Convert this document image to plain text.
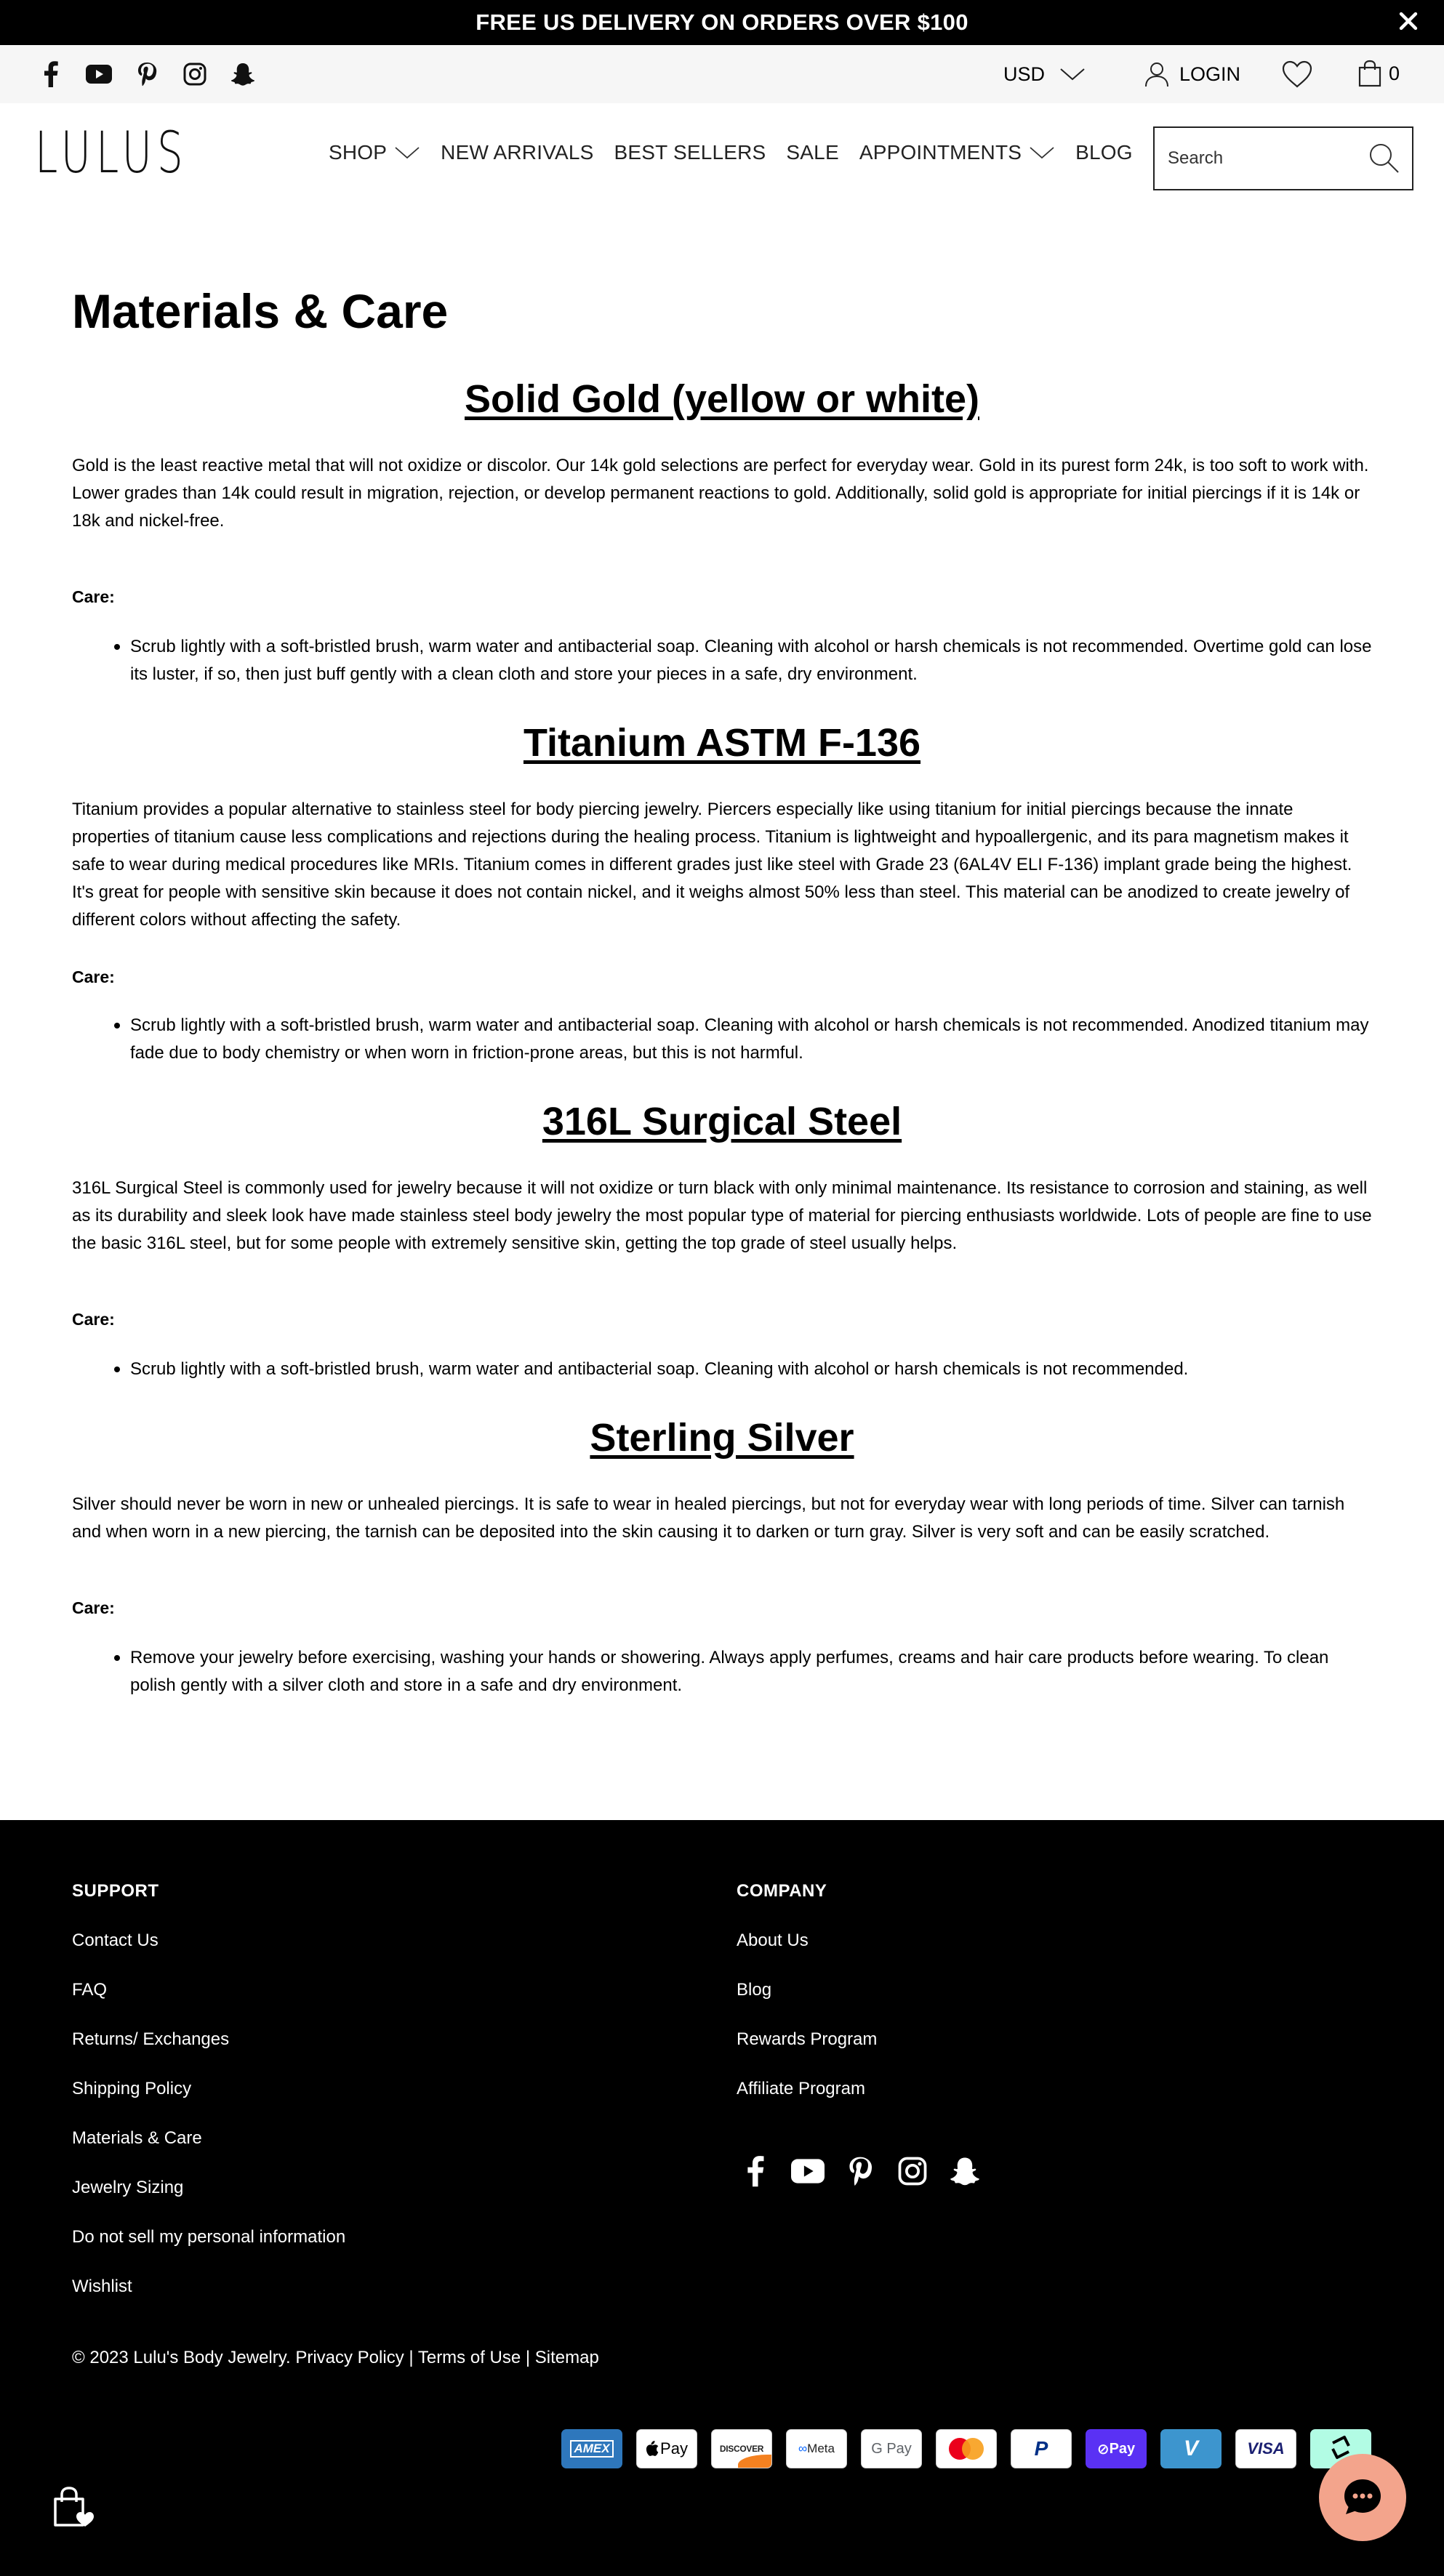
FREE US DELIVERY ON ORDERS OVER $100
USD	LOGIN	0
LULUS	SHOP	NEW ARRIVALS BEST SELLERS SALE APPOINTMENTS	BLOG
Search
Materials & Care
Solid Gold (yellow or white)

Gold is the least reactive metal that will not oxidize or discolor. Our 14k gold selections are perfect for everyday wear. Gold in its purest form 24k, is too soft to work with. Lower grades than 14k could result in migration, rejection, or develop permanent reactions to gold. Additionally, solid gold is appropriate for initial piercings if it is 14k or 18k and nickel-free.

Care:

Scrub lightly with a soft-bristled brush, warm water and antibacterial soap. Cleaning with alcohol or harsh chemicals is not recommended. Overtime gold can lose its luster, if so, then just buff gently with a clean cloth and store your pieces in a safe, dry environment.

Titanium ASTM F-136

Titanium provides a popular alternative to stainless steel for body piercing jewelry. Piercers especially like using titanium for initial piercings because the innate properties of titanium cause less complications and rejections during the healing process. Titanium is lightweight and hypoallergenic, and its para magnetism makes it safe to wear during medical procedures like MRIs. Titanium comes in different grades just like steel with Grade 23 (6AL4V ELI F-136) implant grade being the highest. It's great for people with sensitive skin because it does not contain nickel, and it weighs almost 50% less than steel. This material can be anodized to create jewelry of different colors without affecting the safety.

Care:

Scrub lightly with a soft-bristled brush, warm water and antibacterial soap. Cleaning with alcohol or harsh chemicals is not recommended. Anodized titanium may fade due to body chemistry or when worn in friction-prone areas, but this is not harmful.

316L Surgical Steel

316L Surgical Steel is commonly used for jewelry because it will not oxidize or turn black with only minimal maintenance. Its resistance to corrosion and staining, as well as its durability and sleek look have made stainless steel body jewelry the most popular type of material for piercing enthusiasts worldwide. Lots of people are fine to use the basic 316L steel, but for some people with extremely sensitive skin, getting the top grade of steel usually helps.

Care:

Scrub lightly with a soft-bristled brush, warm water and antibacterial soap. Cleaning with alcohol or harsh chemicals is not recommended.

Sterling Silver

Silver should never be worn in new or unhealed piercings. It is safe to wear in healed piercings, but not for everyday wear with long periods of time. Silver can tarnish and when worn in a new piercing, the tarnish can be deposited into the skin causing it to darken or turn gray. Silver is very soft and can be easily scratched.

Care:

Remove your jewelry before exercising, washing your hands or showering. Always apply perfumes, creams and hair care products before wearing. To clean polish gently with a silver cloth and store in a safe and dry environment.

SUPPORT
Contact Us
FAQ
Returns/ Exchanges
Shipping Policy
Materials & Care
Jewelry Sizing
Do not sell my personal information
Wishlist
COMPANY
About Us
Blog
Rewards Program
Affiliate Program
© 2023 Lulu's Body Jewelry. Privacy Policy | Terms of Use | Sitemap
AMEX	Pay	DISCOVER	∞Meta	G Pay	P	⊘ Pay V	VISA
